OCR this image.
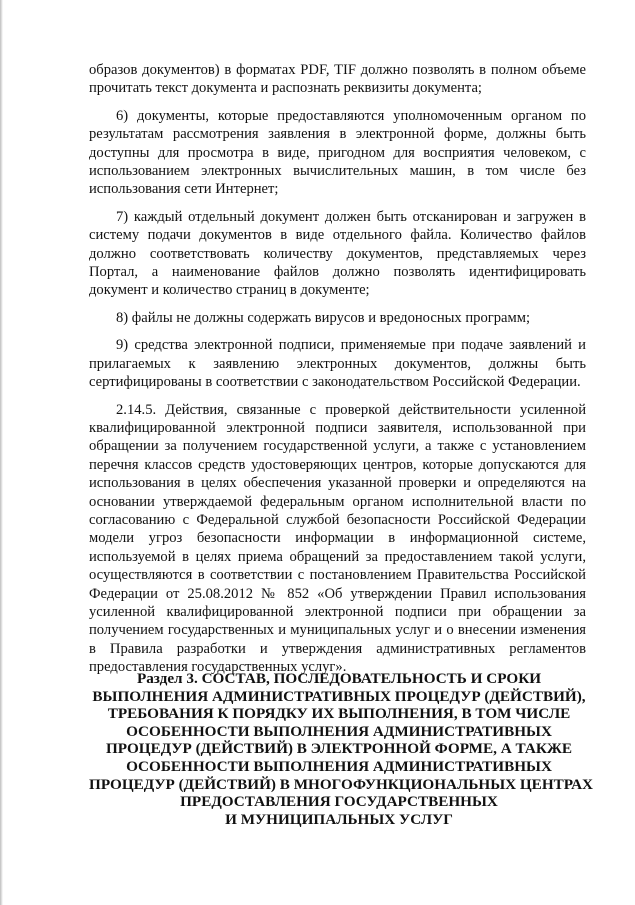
образов документов) в форматах PDF, TIF должно позволять в полном объеме прочитать текст документа и распознать реквизиты документа;

6) документы, которые предоставляются уполномоченным органом по результатам рассмотрения заявления в электронной форме, должны быть доступны для просмотра в виде, пригодном для восприятия человеком, с использованием электронных вычислительных машин, в том числе без использования сети Интернет;

7) каждый отдельный документ должен быть отсканирован и загружен в систему подачи документов в виде отдельного файла. Количество файлов должно соответствовать количеству документов, представляемых через Портал, а наименование файлов должно позволять идентифицировать документ и количество страниц в документе;

8) файлы не должны содержать вирусов и вредоносных программ;

9) средства электронной подписи, применяемые при подаче заявлений и прилагаемых к заявлению электронных документов, должны быть сертифицированы в соответствии с законодательством Российской Федерации.

2.14.5. Действия, связанные с проверкой действительности усиленной квалифицированной электронной подписи заявителя, использованной при обращении за получением государственной услуги, а также с установлением перечня классов средств удостоверяющих центров, которые допускаются для использования в целях обеспечения указанной проверки и определяются на основании утверждаемой федеральным органом исполнительной власти по согласованию с Федеральной службой безопасности Российской Федерации модели угроз безопасности информации в информационной системе, используемой в целях приема обращений за предоставлением такой услуги, осуществляются в соответствии с постановлением Правительства Российской Федерации от 25.08.2012 № 852 «Об утверждении Правил использования усиленной квалифицированной электронной подписи при обращении за получением государственных и муниципальных услуг и о внесении изменения в Правила разработки и утверждения административных регламентов предоставления государственных услуг».

Раздел 3. СОСТАВ, ПОСЛЕДОВАТЕЛЬНОСТЬ И СРОКИ
ВЫПОЛНЕНИЯ АДМИНИСТРАТИВНЫХ ПРОЦЕДУР (ДЕЙСТВИЙ),
ТРЕБОВАНИЯ К ПОРЯДКУ ИХ ВЫПОЛНЕНИЯ, В ТОМ ЧИСЛЕ
ОСОБЕННОСТИ ВЫПОЛНЕНИЯ АДМИНИСТРАТИВНЫХ
ПРОЦЕДУР (ДЕЙСТВИЙ) В ЭЛЕКТРОННОЙ ФОРМЕ, А ТАКЖЕ
ОСОБЕННОСТИ ВЫПОЛНЕНИЯ АДМИНИСТРАТИВНЫХ
ПРОЦЕДУР (ДЕЙСТВИЙ) В МНОГОФУНКЦИОНАЛЬНЫХ ЦЕНТРАХ
ПРЕДОСТАВЛЕНИЯ ГОСУДАРСТВЕННЫХ
И МУНИЦИПАЛЬНЫХ УСЛУГ
